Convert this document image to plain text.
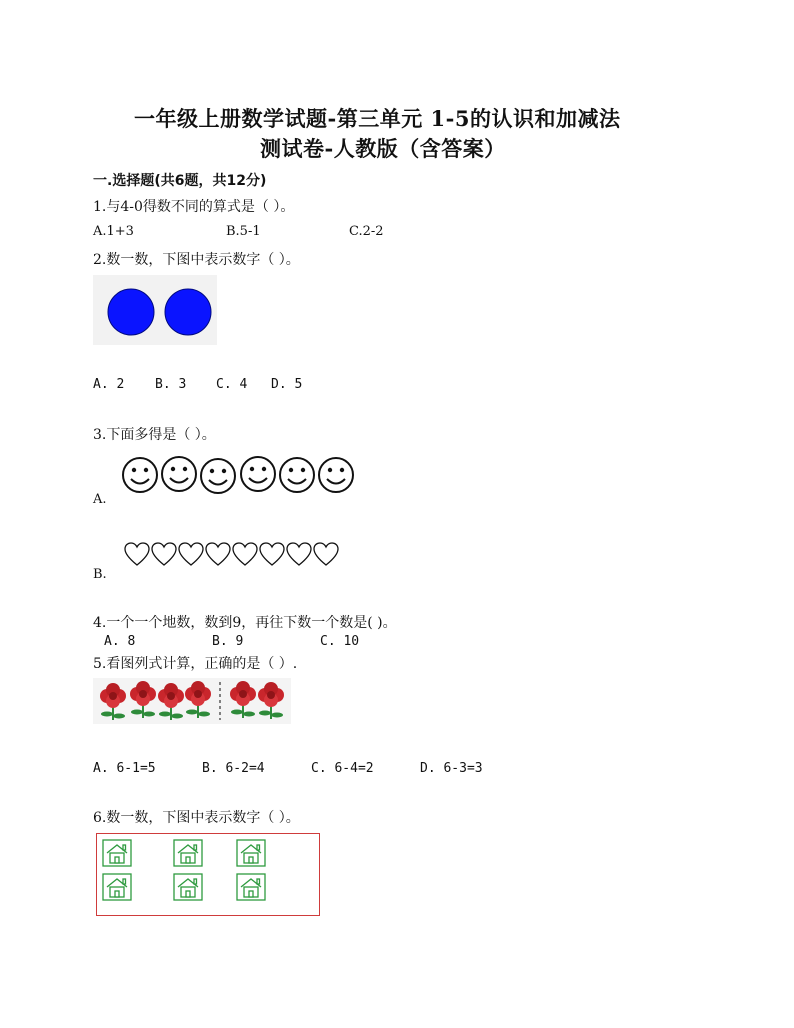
一年级上册数学试题-第三单元 1-5的认识和加减法
测试卷-人教版（含答案）
一.选择题(共6题，共12分)
1.与4-0得数不同的算式是（ ）。
A.1+3	B.5-1	C.2-2
2.数一数，下图中表示数字（ ）。
A. 2 B. 3 C. 4 D. 5
3.下面多得是（ ）。
A.
B.
4.一个一个地数，数到9，再往下数一个数是( )。
A. 8	B. 9	C. 10
5.看图列式计算，正确的是（ ）.
A. 6-1=5	B. 6-2=4	C. 6-4=2	D. 6-3=3
6.数一数，下图中表示数字（ ）。
